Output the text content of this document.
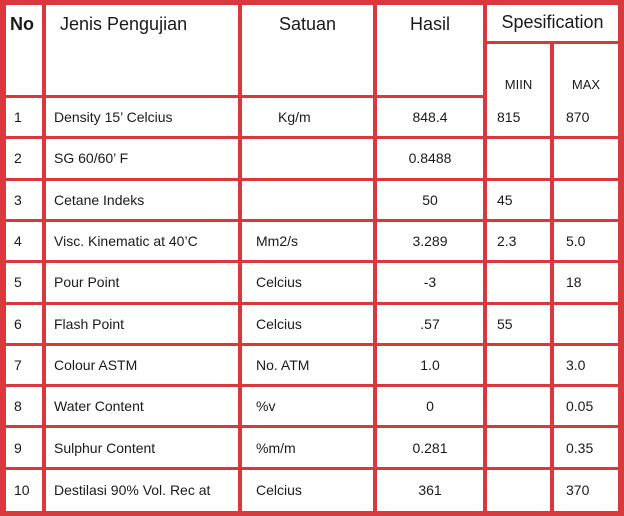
No	Jenis Pengujian	Satuan	Hasil	Spesification	
				MIIN	MAX
1	Density 15’ Celcius	Kg/m	848.4	815	870
2	SG 60/60’ F		0.8488		
3	Cetane Indeks		50	45	
4	Visc. Kinematic at 40’C	Mm2/s	3.289	2.3	5.0
5	Pour Point	Celcius	-3		18
6	Flash Point	Celcius	.57	55	
7	Colour ASTM	No. ATM	1.0		3.0
8	Water Content	%v	0		0.05
9	Sulphur Content	%m/m	0.281		0.35
10	Destilasi 90% Vol. Rec at	Celcius	361		370
